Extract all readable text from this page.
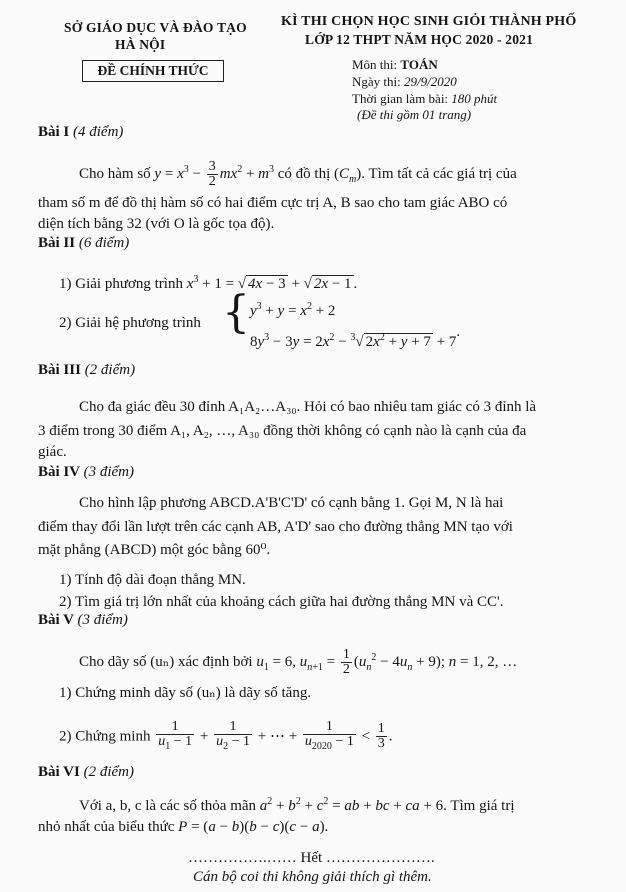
SỞ GIÁO DỤC VÀ ĐÀO TẠO
HÀ NỘI
ĐỀ CHÍNH THỨC
KÌ THI CHỌN HỌC SINH GIỎI THÀNH PHỐ
LỚP 12 THPT NĂM HỌC 2020 - 2021
Môn thi: TOÁN
Ngày thi: 29/9/2020
Thời gian làm bài: 180 phút
(Đề thi gồm 01 trang)
Bài I (4 điểm)
Cho hàm số $y = x^3 - \frac{3}{2} mx^2 + m^3$ có đồ thị $(C_m)$. Tìm tất cả các giá trị của
tham số m để đồ thị hàm số có hai điểm cực trị A, B sao cho tam giác ABO có
diện tích bằng 32 (với O là gốc tọa độ).
Bài II (6 điểm)
1) Giải phương trình $x^3 + 1$ = √ 4x − 3 + √ 2x − 1 .
2) Giải hệ phương trình { $y^3 + y = x^2 + 2$
$8y^3 - 3y = 2x^2 - ^3√$ $2x^2 + y + 7 + 7$.
Bài III (2 điểm)
Cho đa giác đều 30 đỉnh A₁A₂…A₃₀. Hỏi có bao nhiêu tam giác có 3 đỉnh là
3 điểm trong 30 điểm A₁, A₂, …, A₃₀ đồng thời không có cạnh nào là cạnh của đa
giác.
Bài IV (3 điểm)
Cho hình lập phương ABCD.A'B'C'D' có cạnh bằng 1. Gọi M, N là hai
điểm thay đổi lần lượt trên các cạnh AB, A'D' sao cho đường thẳng MN tạo với
mặt phẳng (ABCD) một góc bằng 60⁰.
1) Tính độ dài đoạn thẳng MN.
2) Tìm giá trị lớn nhất của khoảng cách giữa hai đường thẳng MN và CC'.
Bài V (3 điểm)
Cho dãy số (uₙ) xác định bởi $u_1 = 6$, $u_{n+1} = \frac{1}{2} (u_n^2 - 4u_n + 9)$; n = 1, 2, …
1) Chứng minh dãy số (uₙ) là dãy số tăng.
2) Chứng minh $\frac{1}{u_1 - 1} + \frac{1}{u_2 - 1}$ + ⋯ + $\frac{1}{u_{2020} - 1} < \frac{1}{3}$ .
Bài VI (2 điểm)
Với a, b, c là các số thỏa mãn $a^2 + b^2 + c^2$ = ab + bc + ca + 6. Tìm giá trị
nhỏ nhất của biểu thức P = (a − b)(b − c)(c − a).
…………….…… Hết ………………….
Cán bộ coi thi không giải thích gì thêm.
